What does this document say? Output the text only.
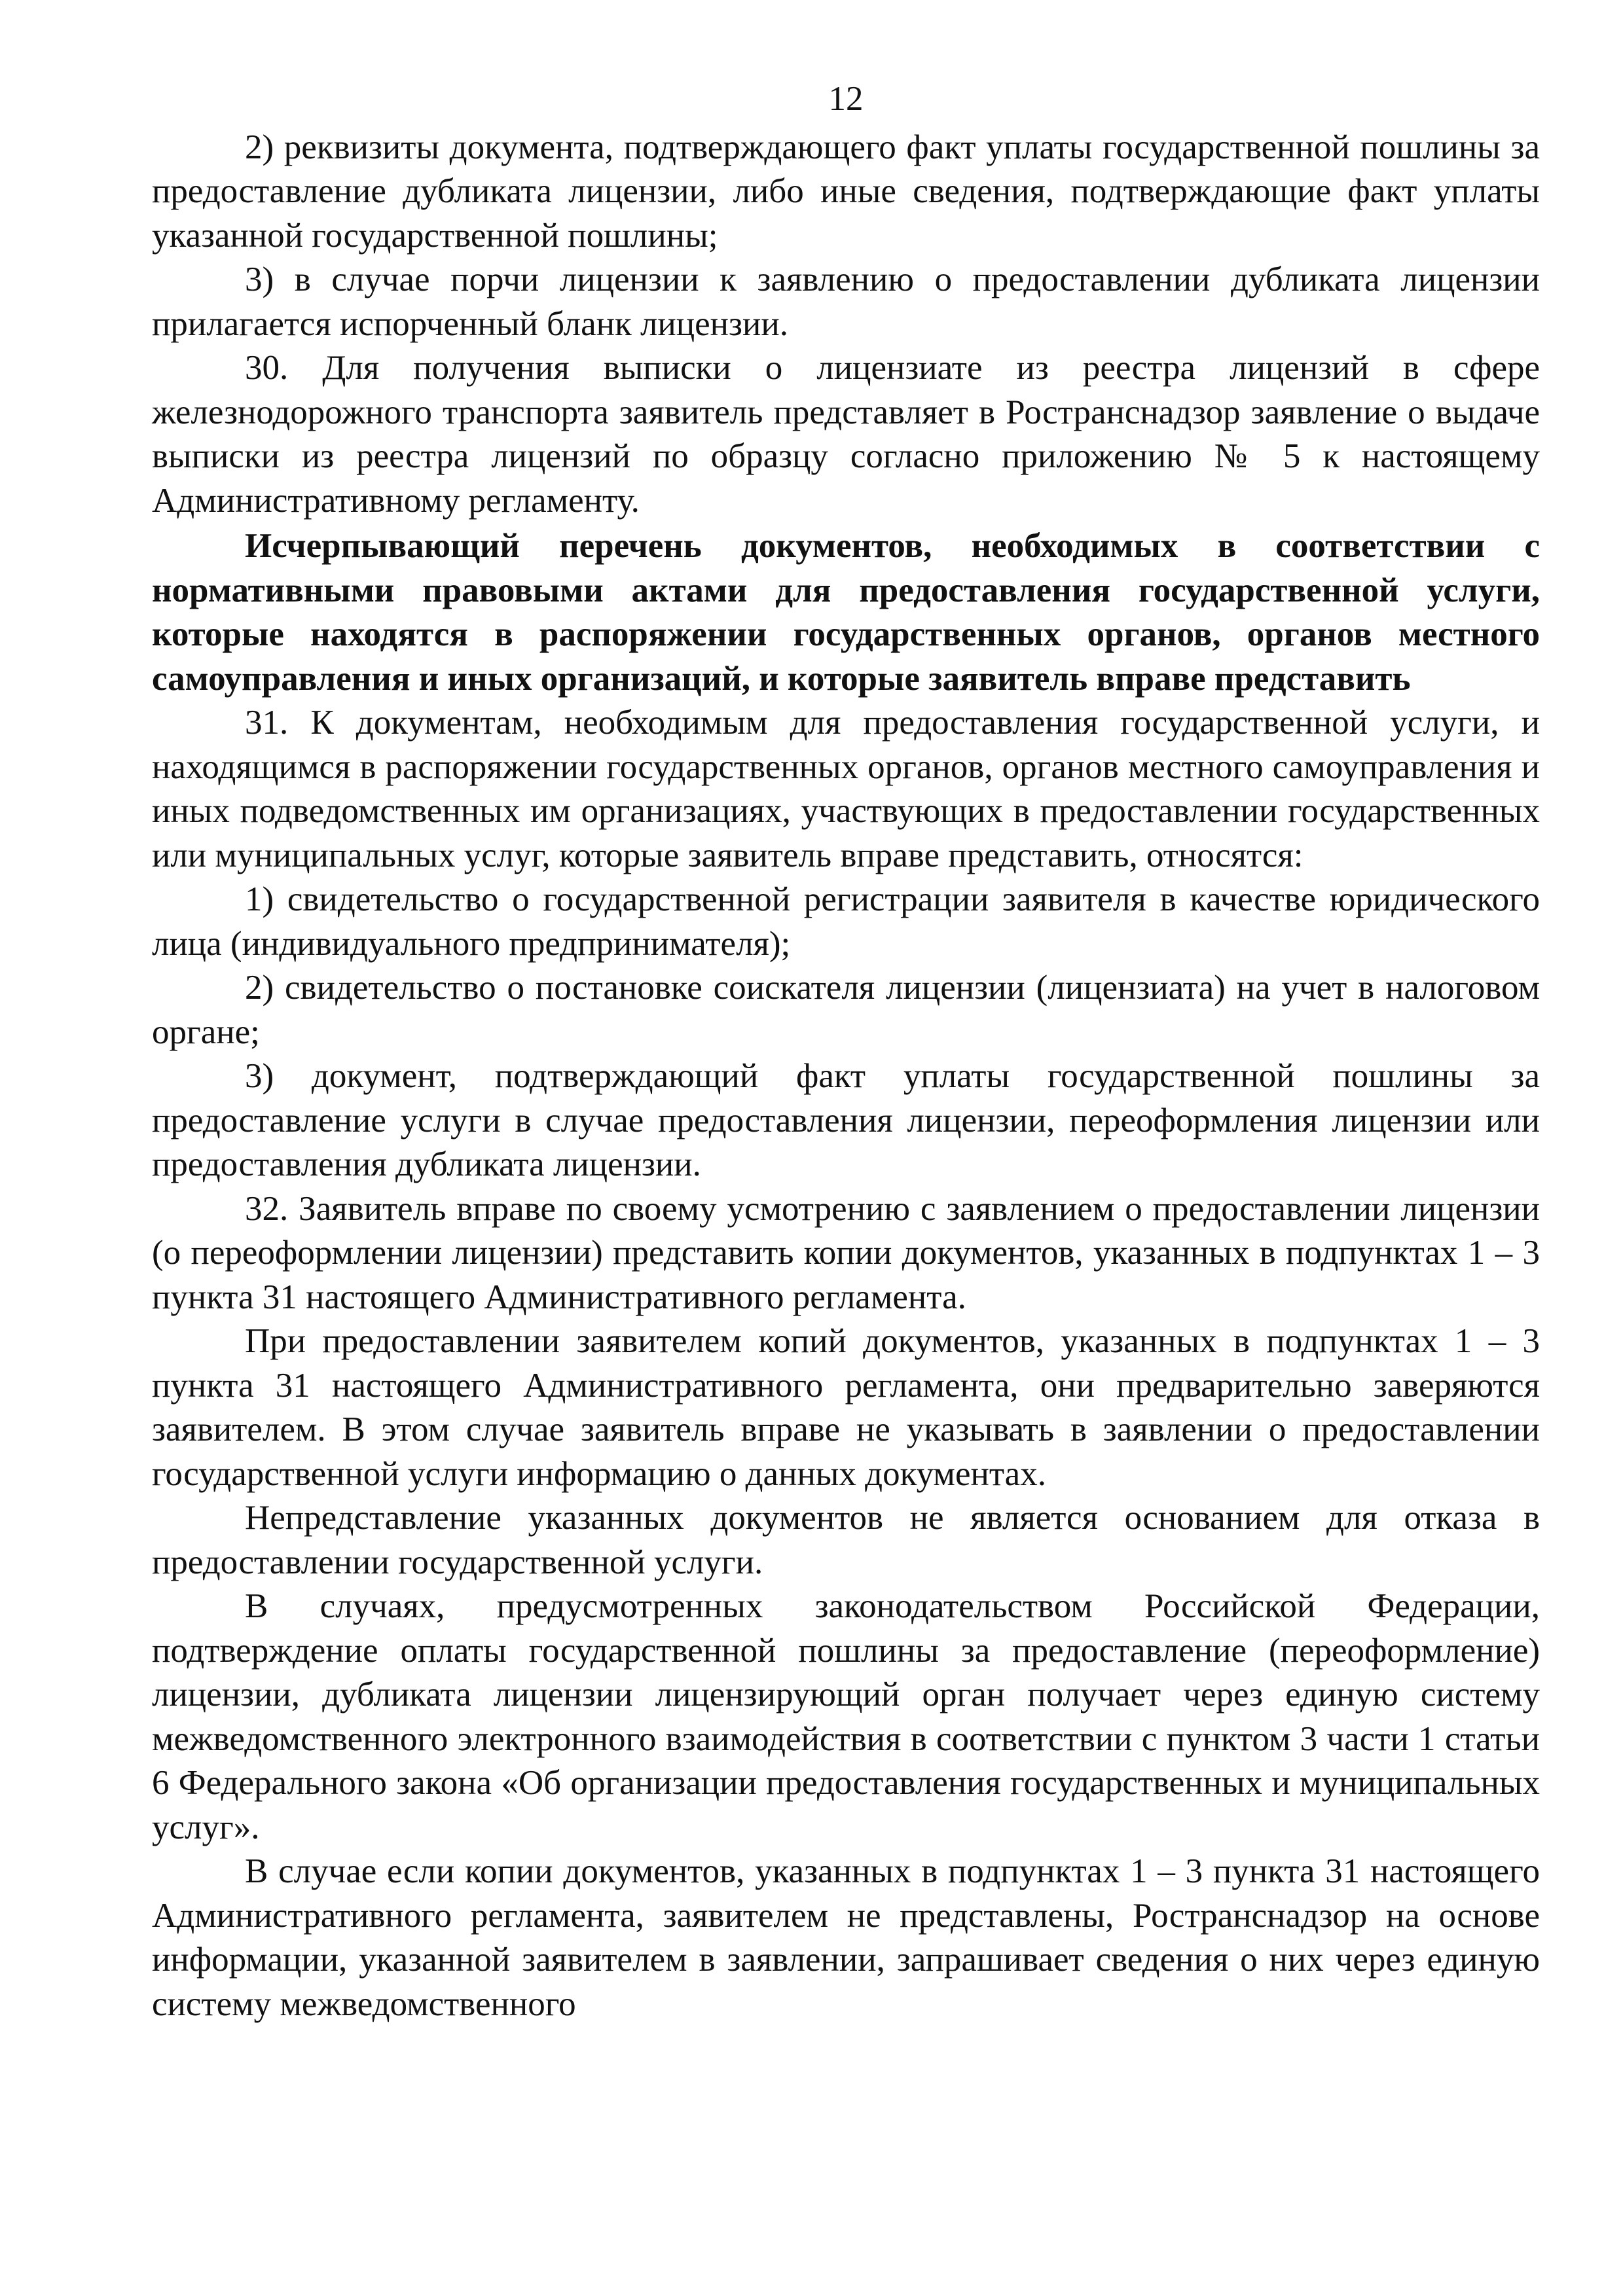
12

2) реквизиты документа, подтверждающего факт уплаты государственной пошлины за предоставление дубликата лицензии, либо иные сведения, подтверждающие факт уплаты указанной государственной пошлины;

3) в случае порчи лицензии к заявлению о предоставлении дубликата лицензии прилагается испорченный бланк лицензии.

30. Для получения выписки о лицензиате из реестра лицензий в сфере железнодорожного транспорта заявитель представляет в Ространснадзор заявление о выдаче выписки из реестра лицензий по образцу согласно приложению № 5 к настоящему Административному регламенту.

Исчерпывающий перечень документов, необходимых в соответствии с нормативными правовыми актами для предоставления государственной услуги, которые находятся в распоряжении государственных органов, органов местного самоуправления и иных организаций, и которые заявитель вправе представить

31. К документам, необходимым для предоставления государственной услуги, и находящимся в распоряжении государственных органов, органов местного самоуправления и иных подведомственных им организациях, участвующих в предоставлении государственных или муниципальных услуг, которые заявитель вправе представить, относятся:

1) свидетельство о государственной регистрации заявителя в качестве юридического лица (индивидуального предпринимателя);

2) свидетельство о постановке соискателя лицензии (лицензиата) на учет в налоговом органе;

3) документ, подтверждающий факт уплаты государственной пошлины за предоставление услуги в случае предоставления лицензии, переоформления лицензии или предоставления дубликата лицензии.

32. Заявитель вправе по своему усмотрению с заявлением о предоставлении лицензии (о переоформлении лицензии) представить копии документов, указанных в подпунктах 1 – 3 пункта 31 настоящего Административного регламента.

При предоставлении заявителем копий документов, указанных в подпунктах 1 – 3 пункта 31 настоящего Административного регламента, они предварительно заверяются заявителем. В этом случае заявитель вправе не указывать в заявлении о предоставлении государственной услуги информацию о данных документах.

Непредставление указанных документов не является основанием для отказа в предоставлении государственной услуги.

В случаях, предусмотренных законодательством Российской Федерации, подтверждение оплаты государственной пошлины за предоставление (переоформление) лицензии, дубликата лицензии лицензирующий орган получает через единую систему межведомственного электронного взаимодействия в соответствии с пунктом 3 части 1 статьи 6 Федерального закона «Об организации предоставления государственных и муниципальных услуг».

В случае если копии документов, указанных в подпунктах 1 – 3 пункта 31 настоящего Административного регламента, заявителем не представлены, Ространснадзор на основе информации, указанной заявителем в заявлении, запрашивает сведения о них через единую систему межведомственного
